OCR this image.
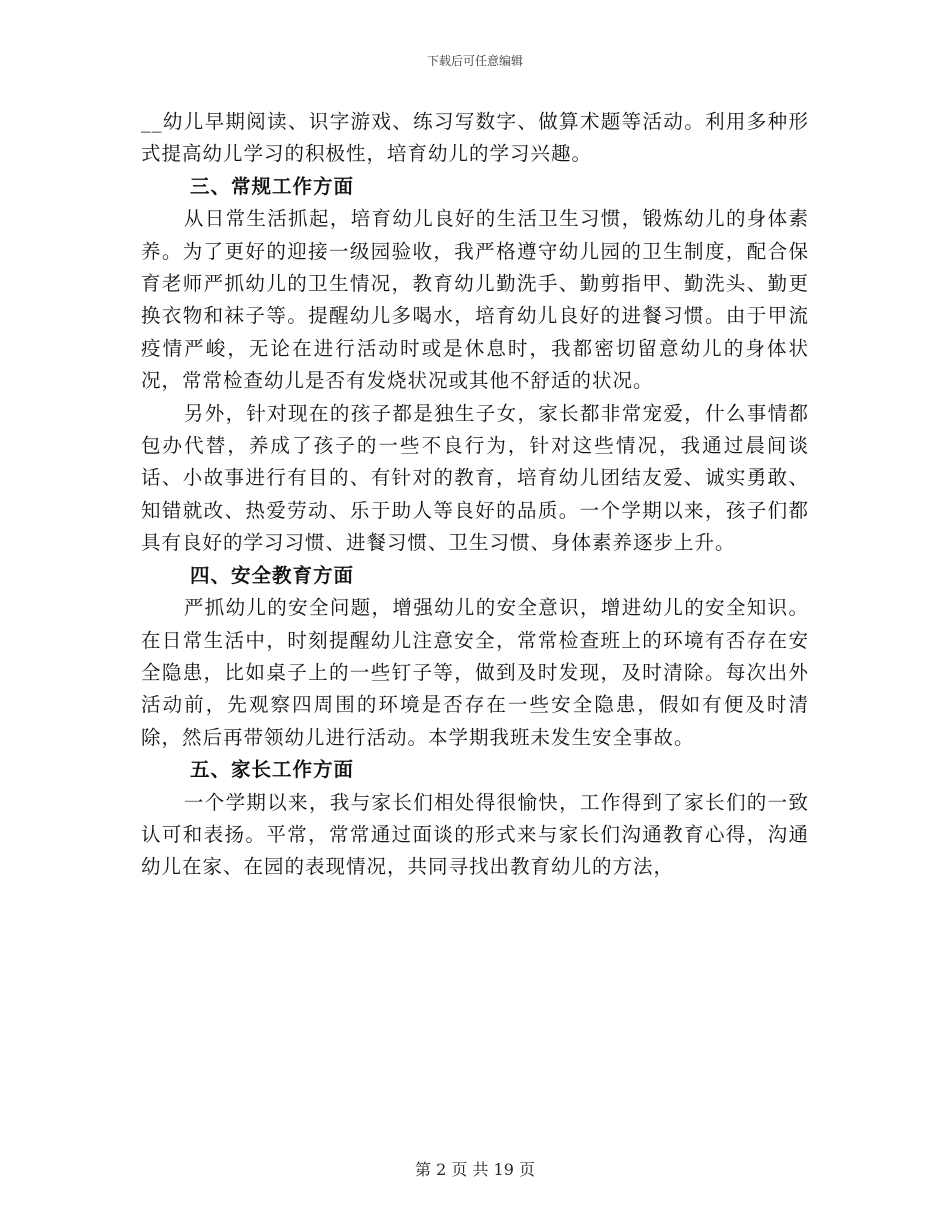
下载后可任意编辑

__幼儿早期阅读、识字游戏、练习写数字、做算术题等活动。利用多种形式提高幼儿学习的积极性，培育幼儿的学习兴趣。

三、常规工作方面

从日常生活抓起，培育幼儿良好的生活卫生习惯，锻炼幼儿的身体素养。为了更好的迎接一级园验收，我严格遵守幼儿园的卫生制度，配合保育老师严抓幼儿的卫生情况，教育幼儿勤洗手、勤剪指甲、勤洗头、勤更换衣物和袜子等。提醒幼儿多喝水，培育幼儿良好的进餐习惯。由于甲流疫情严峻，无论在进行活动时或是休息时，我都密切留意幼儿的身体状况，常常检查幼儿是否有发烧状况或其他不舒适的状况。

另外，针对现在的孩子都是独生子女，家长都非常宠爱，什么事情都包办代替，养成了孩子的一些不良行为，针对这些情况，我通过晨间谈话、小故事进行有目的、有针对的教育，培育幼儿团结友爱、诚实勇敢、知错就改、热爱劳动、乐于助人等良好的品质。一个学期以来，孩子们都具有良好的学习习惯、进餐习惯、卫生习惯、身体素养逐步上升。

四、安全教育方面

严抓幼儿的安全问题，增强幼儿的安全意识，增进幼儿的安全知识。在日常生活中，时刻提醒幼儿注意安全，常常检查班上的环境有否存在安全隐患，比如桌子上的一些钉子等，做到及时发现，及时清除。每次出外活动前，先观察四周围的环境是否存在一些安全隐患，假如有便及时清除，然后再带领幼儿进行活动。本学期我班未发生安全事故。

五、家长工作方面

一个学期以来，我与家长们相处得很愉快，工作得到了家长们的一致认可和表扬。平常，常常通过面谈的形式来与家长们沟通教育心得，沟通幼儿在家、在园的表现情况，共同寻找出教育幼儿的方法，

第 2 页 共 19 页
